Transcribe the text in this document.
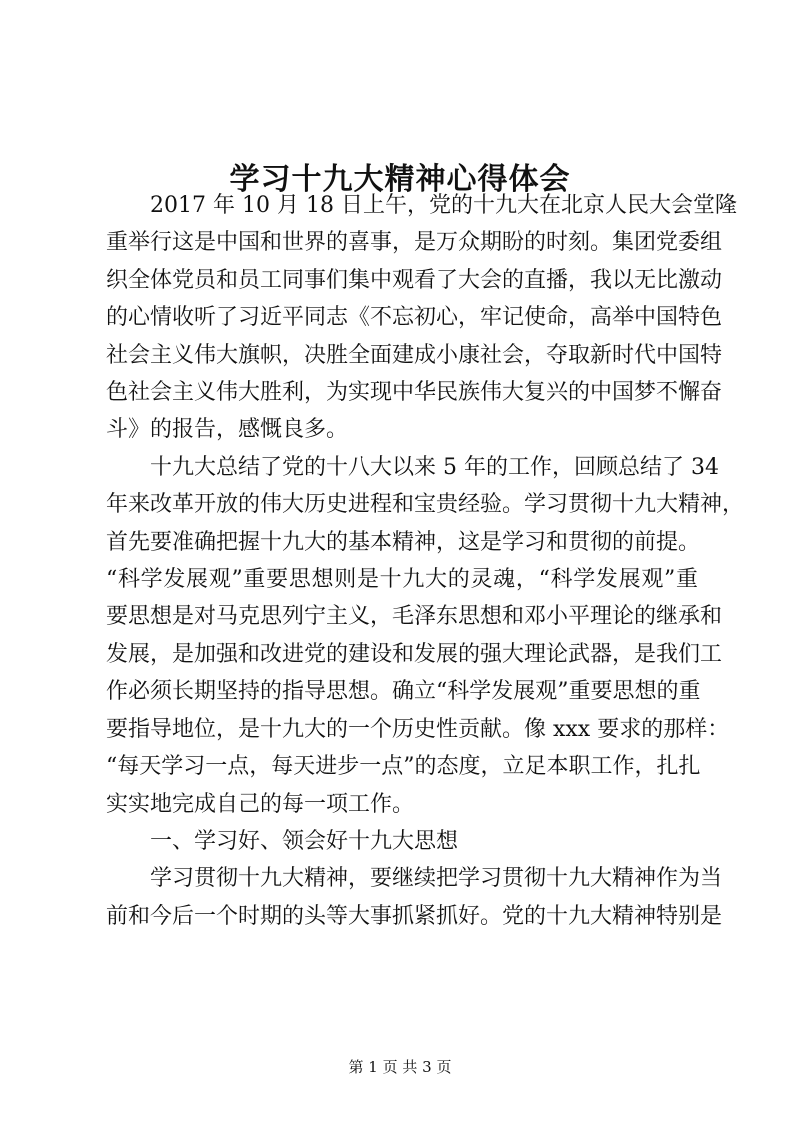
学习十九大精神心得体会

2017 年 10 月 18 日上午，党的十九大在北京人民大会堂隆
重举行这是中国和世界的喜事，是万众期盼的时刻。集团党委组
织全体党员和员工同事们集中观看了大会的直播，我以无比激动
的心情收听了习近平同志《不忘初心，牢记使命，高举中国特色
社会主义伟大旗帜，决胜全面建成小康社会，夺取新时代中国特
色社会主义伟大胜利，为实现中华民族伟大复兴的中国梦不懈奋
斗》的报告，感慨良多。

十九大总结了党的十八大以来 5 年的工作，回顾总结了 34
年来改革开放的伟大历史进程和宝贵经验。学习贯彻十九大精神，
首先要准确把握十九大的基本精神，这是学习和贯彻的前提。
“科学发展观”重要思想则是十九大的灵魂，“科学发展观”重
要思想是对马克思列宁主义，毛泽东思想和邓小平理论的继承和
发展，是加强和改进党的建设和发展的强大理论武器，是我们工
作必须长期坚持的指导思想。确立“科学发展观”重要思想的重
要指导地位，是十九大的一个历史性贡献。像 xxx 要求的那样：
“每天学习一点，每天进步一点”的态度，立足本职工作，扎扎
实实地完成自己的每一项工作。

一、学习好、领会好十九大思想

学习贯彻十九大精神，要继续把学习贯彻十九大精神作为当
前和今后一个时期的头等大事抓紧抓好。党的十九大精神特别是

第 1 页 共 3 页
